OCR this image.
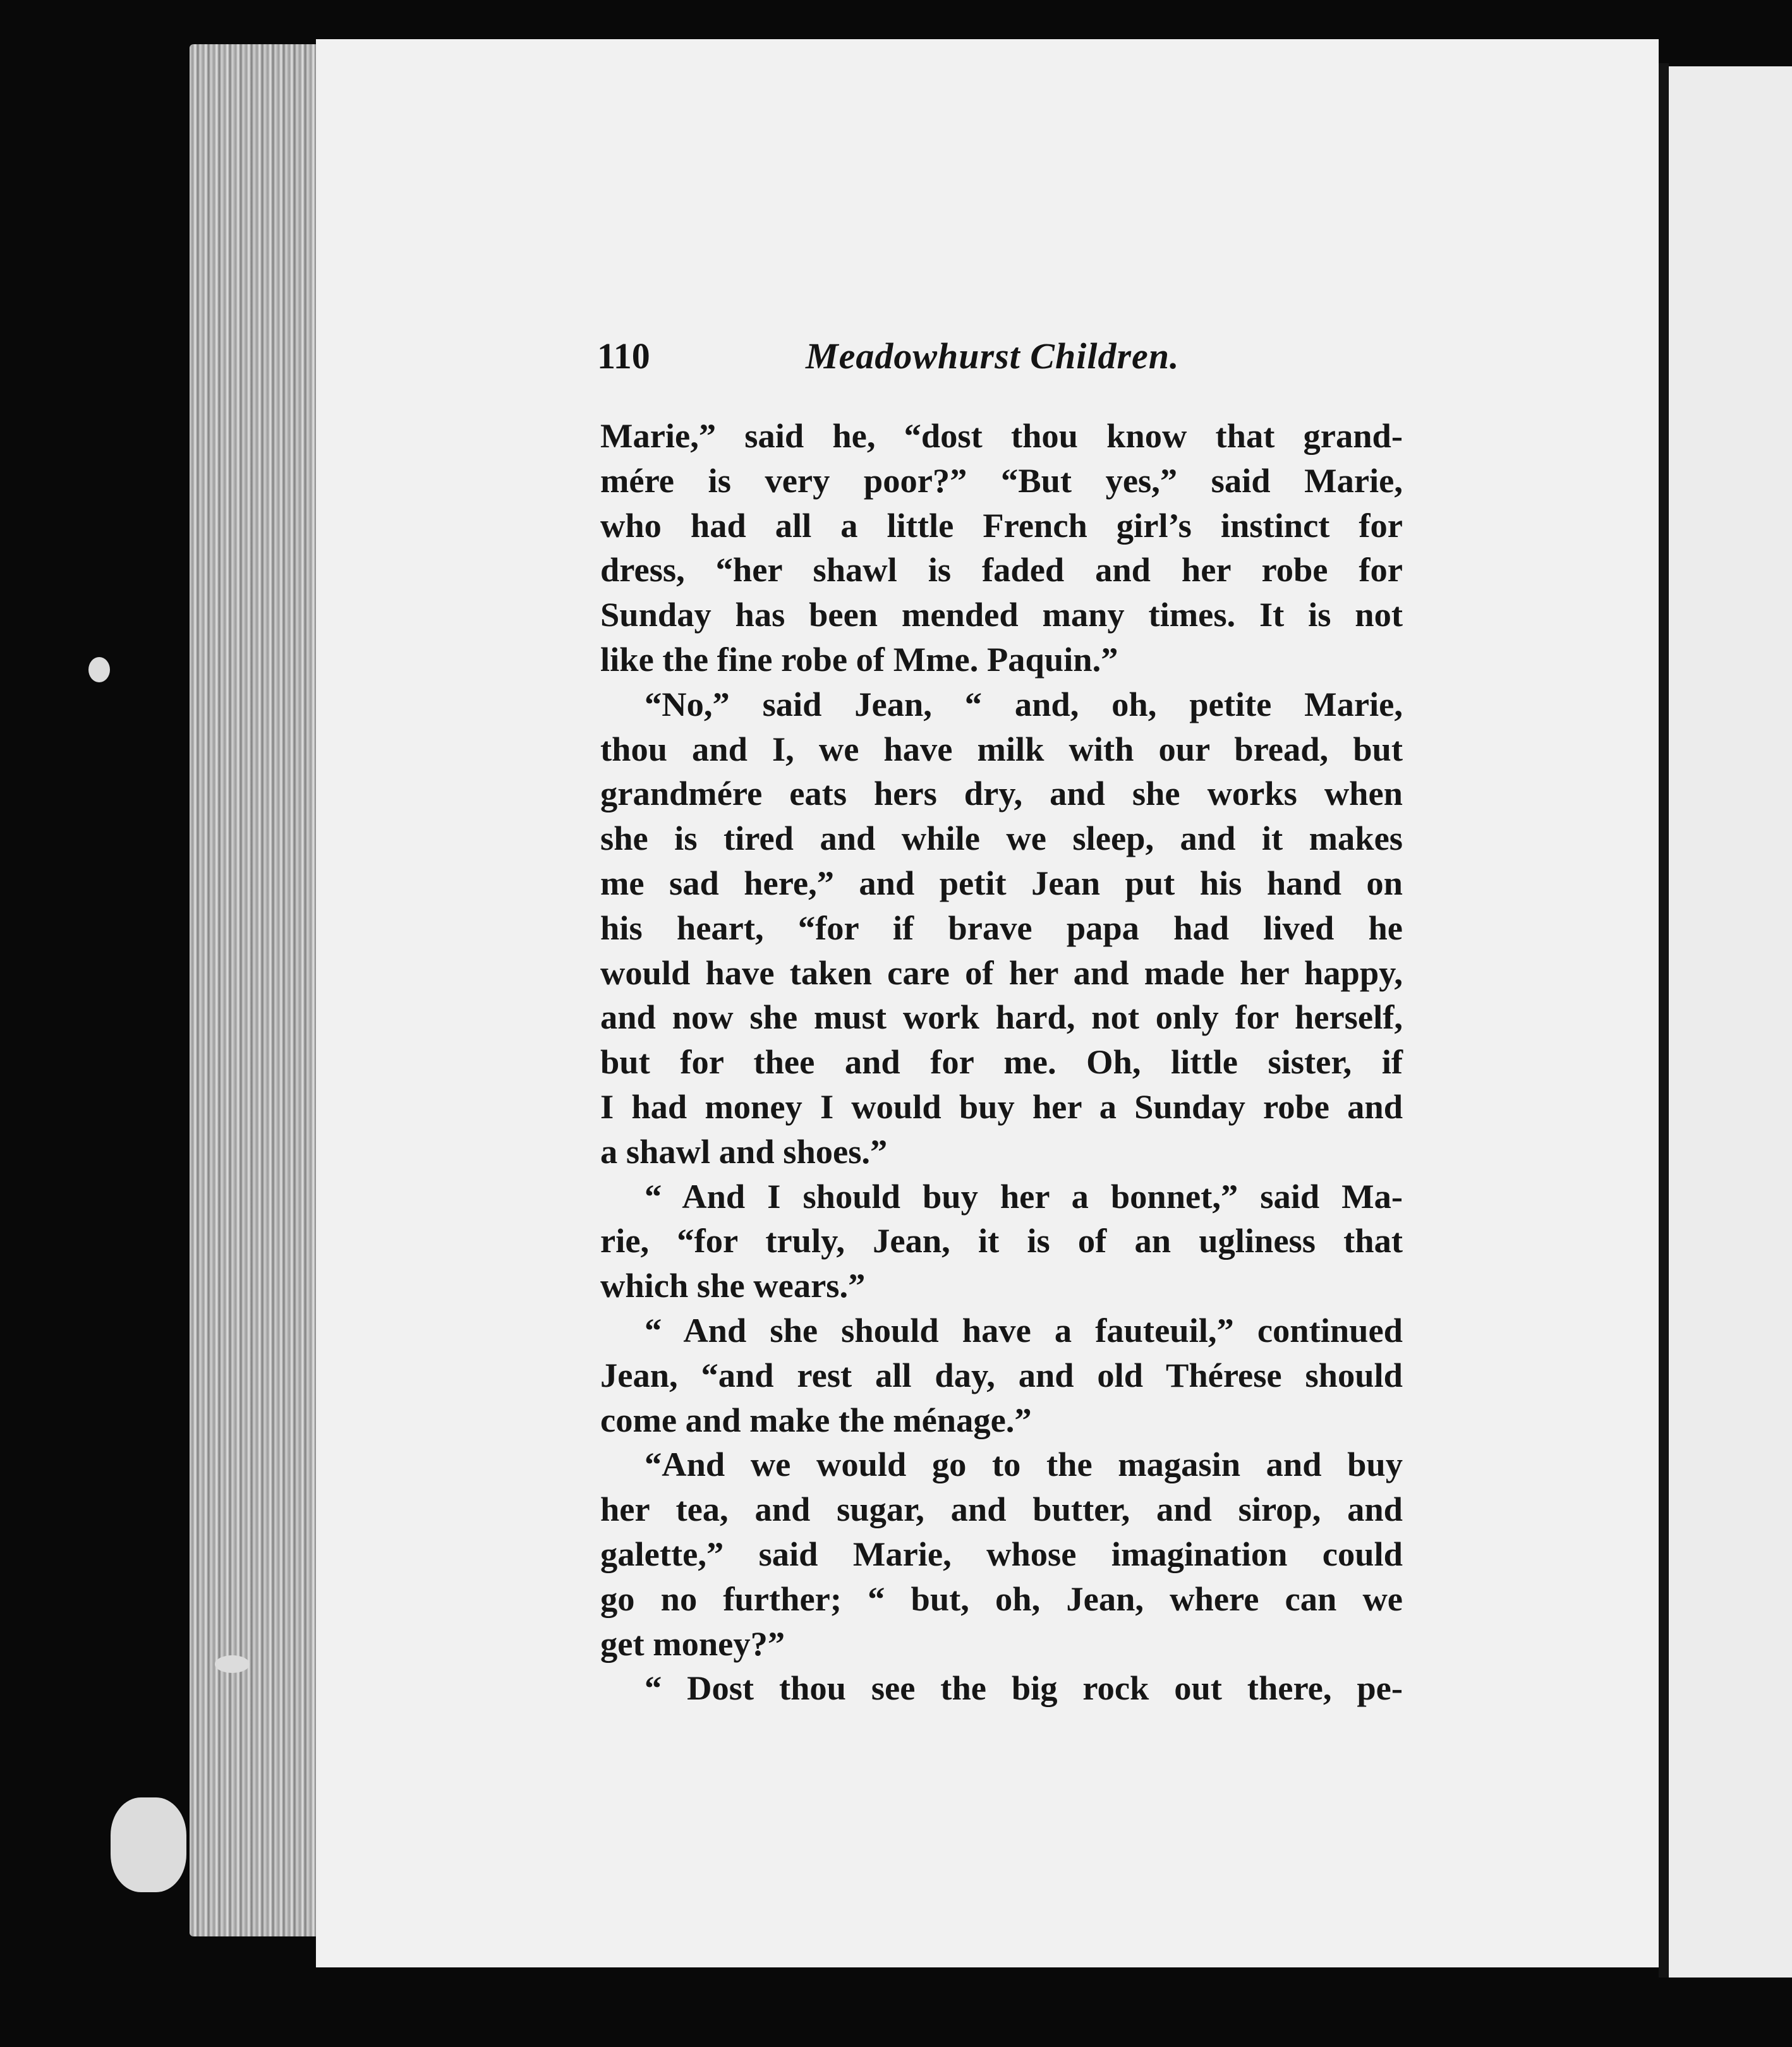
110	Meadowhurst Children.
Marie,” said he, “dost thou know that grand-
mére is very poor?” “But yes,” said Marie,
who had all a little French girl’s instinct for
dress, “her shawl is faded and her robe for
Sunday has been mended many times. It is not
like the fine robe of Mme. Paquin.”
“No,” said Jean, “ and, oh, petite Marie,
thou and I, we have milk with our bread, but
grandmére eats hers dry, and she works when
she is tired and while we sleep, and it makes
me sad here,” and petit Jean put his hand on
his heart, “for if brave papa had lived he
would have taken care of her and made her happy,
and now she must work hard, not only for herself,
but for thee and for me. Oh, little sister, if
I had money I would buy her a Sunday robe and
a shawl and shoes.”
“ And I should buy her a bonnet,” said Ma-
rie, “for truly, Jean, it is of an ugliness that
which she wears.”
“ And she should have a fauteuil,” continued
Jean, “and rest all day, and old Thérese should
come and make the ménage.”
“And we would go to the magasin and buy
her tea, and sugar, and butter, and sirop, and
galette,” said Marie, whose imagination could
go no further; “ but, oh, Jean, where can we
get money?”
“ Dost thou see the big rock out there, pe-
